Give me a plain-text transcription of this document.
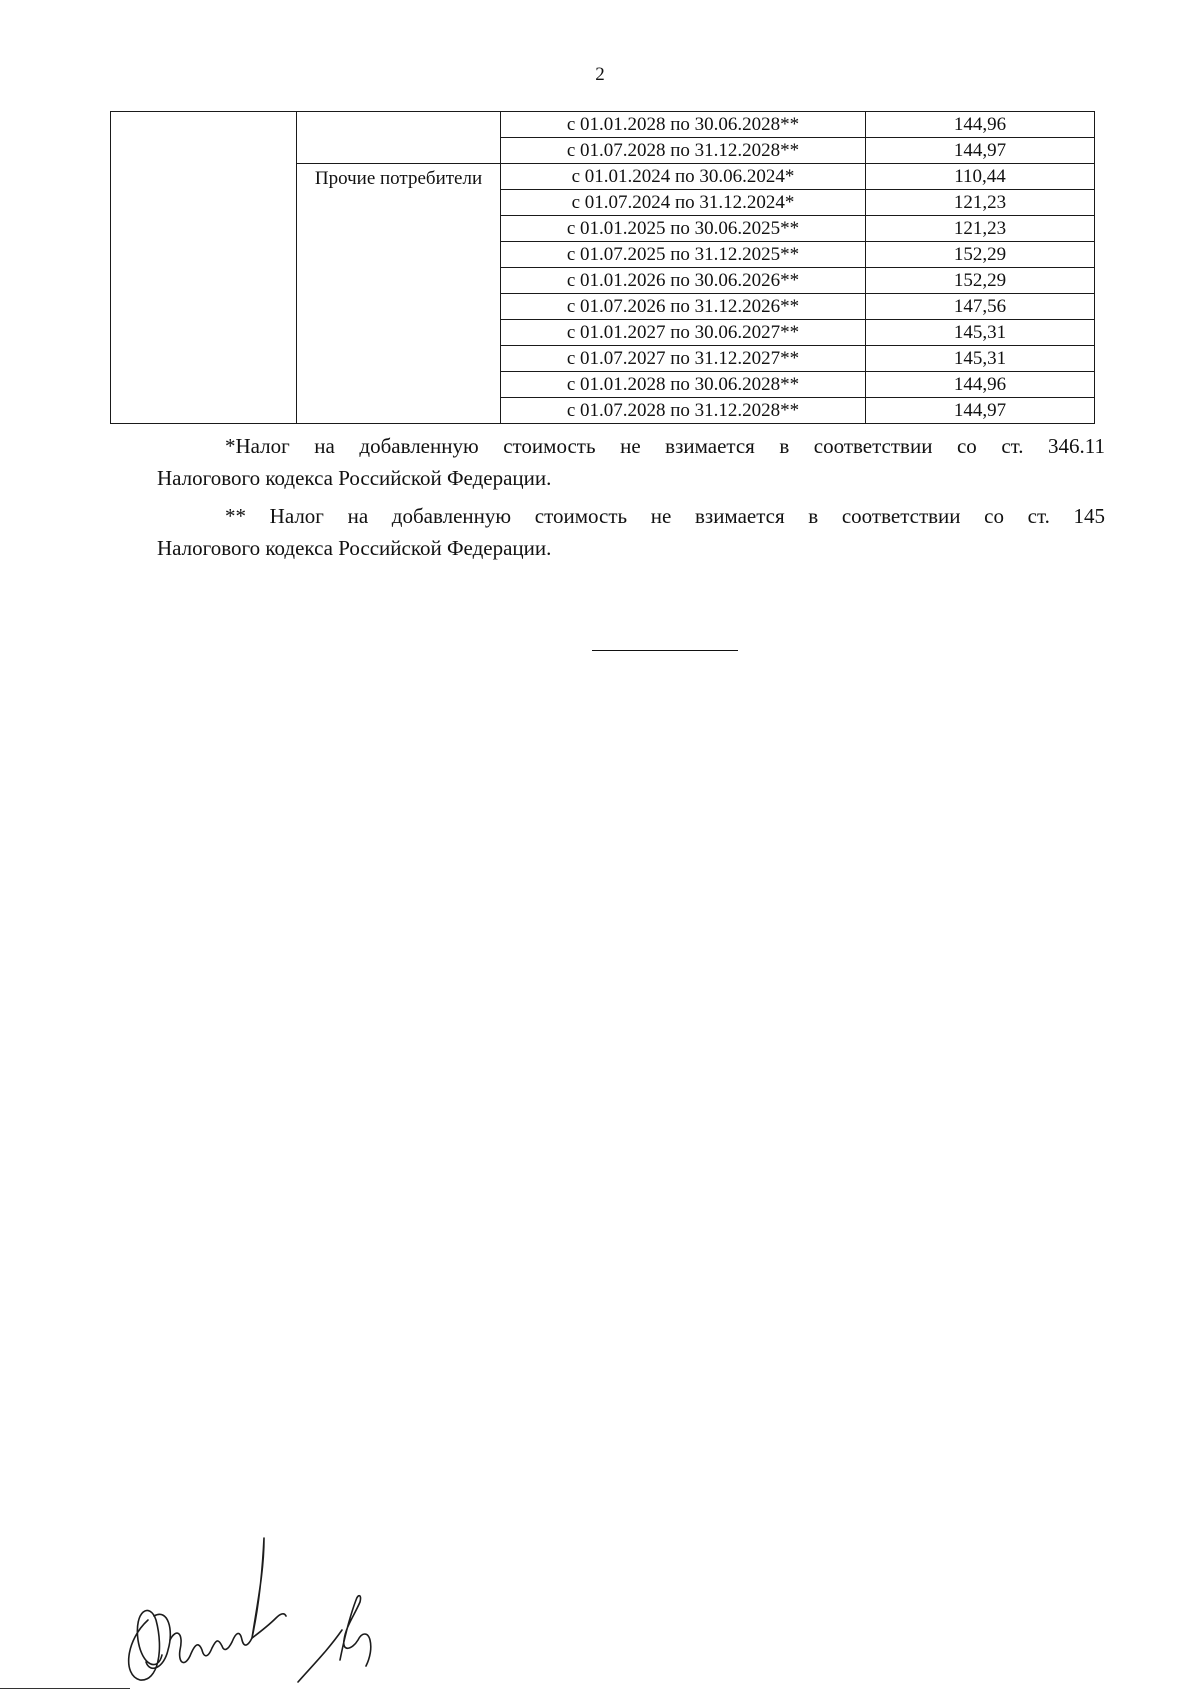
2
		с 01.01.2028 по 30.06.2028**	144,96
		с 01.07.2028 по 31.12.2028**	144,97
	Прочие потребители	с 01.01.2024 по 30.06.2024*	110,44
		с 01.07.2024 по 31.12.2024*	121,23
		с 01.01.2025 по 30.06.2025**	121,23
		с 01.07.2025 по 31.12.2025**	152,29
		с 01.01.2026 по 30.06.2026**	152,29
		с 01.07.2026 по 31.12.2026**	147,56
		с 01.01.2027 по 30.06.2027**	145,31
		с 01.07.2027 по 31.12.2027**	145,31
		с 01.01.2028 по 30.06.2028**	144,96
		с 01.07.2028 по 31.12.2028**	144,97
*Налог на добавленную стоимость не взимается в соответствии со ст. 346.11
Налогового кодекса Российской Федерации.
** Налог на добавленную стоимость не взимается в соответствии со ст. 145
Налогового кодекса Российской Федерации.
